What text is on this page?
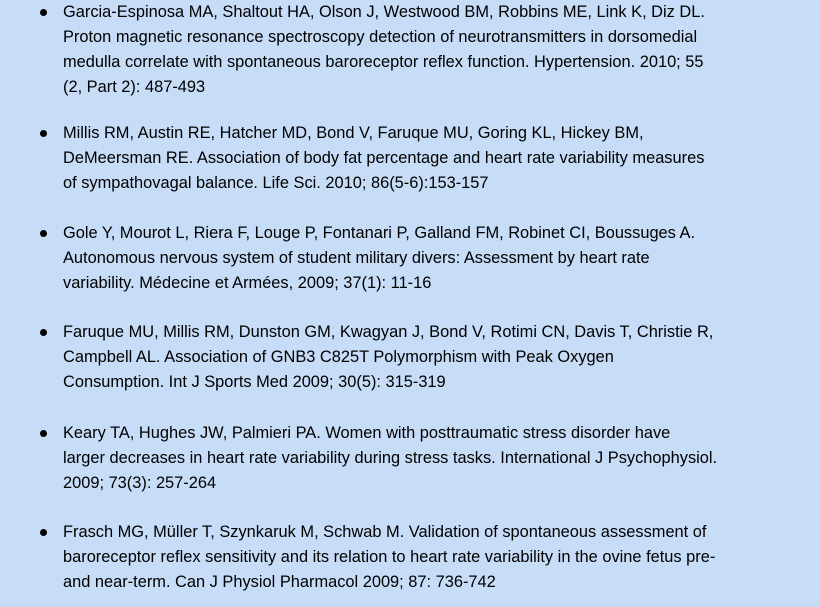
Garcia-Espinosa MA, Shaltout HA, Olson J, Westwood BM, Robbins ME, Link K, Diz DL.
Proton magnetic resonance spectroscopy detection of neurotransmitters in dorsomedial
medulla correlate with spontaneous baroreceptor reflex function. Hypertension. 2010; 55
(2, Part 2): 487-493
Millis RM, Austin RE, Hatcher MD, Bond V, Faruque MU, Goring KL, Hickey BM,
DeMeersman RE. Association of body fat percentage and heart rate variability measures
of sympathovagal balance. Life Sci. 2010; 86(5-6):153-157
Gole Y, Mourot L, Riera F, Louge P, Fontanari P, Galland FM, Robinet CI, Boussuges A.
Autonomous nervous system of student military divers: Assessment by heart rate
variability. Médecine et Armées, 2009; 37(1): 11-16
Faruque MU, Millis RM, Dunston GM, Kwagyan J, Bond V, Rotimi CN, Davis T, Christie R,
Campbell AL. Association of GNB3 C825T Polymorphism with Peak Oxygen
Consumption. Int J Sports Med 2009; 30(5): 315-319
Keary TA, Hughes JW, Palmieri PA. Women with posttraumatic stress disorder have
larger decreases in heart rate variability during stress tasks. International J Psychophysiol.
2009; 73(3): 257-264
Frasch MG, Müller T, Szynkaruk M, Schwab M. Validation of spontaneous assessment of
baroreceptor reflex sensitivity and its relation to heart rate variability in the ovine fetus pre-
and near-term. Can J Physiol Pharmacol 2009; 87: 736-742
